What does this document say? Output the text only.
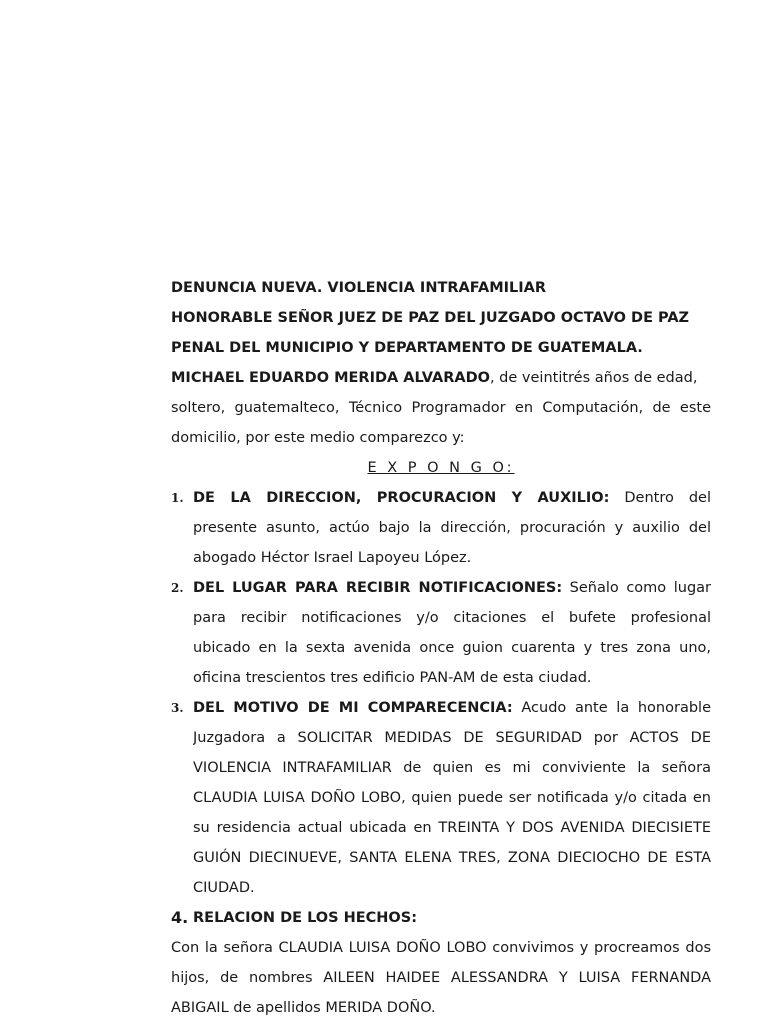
DENUNCIA NUEVA. VIOLENCIA INTRAFAMILIAR
HONORABLE SEÑOR JUEZ DE PAZ DEL JUZGADO OCTAVO DE PAZ
PENAL DEL MUNICIPIO Y DEPARTAMENTO DE GUATEMALA.
MICHAEL EDUARDO MERIDA ALVARADO, de veintitrés años de edad,
soltero, guatemalteco, Técnico Programador en Computación, de este
domicilio, por este medio comparezco y:
E X P O N G O:
1. DE LA DIRECCION, PROCURACION Y AUXILIO: Dentro del
presente asunto, actúo bajo la dirección, procuración y auxilio del
abogado Héctor Israel Lapoyeu López.
2. DEL LUGAR PARA RECIBIR NOTIFICACIONES: Señalo como lugar
para recibir notificaciones y/o citaciones el bufete profesional
ubicado en la sexta avenida once guion cuarenta y tres zona uno,
oficina trescientos tres edificio PAN-AM de esta ciudad.
3. DEL MOTIVO DE MI COMPARECENCIA: Acudo ante la honorable
Juzgadora a SOLICITAR MEDIDAS DE SEGURIDAD por ACTOS DE
VIOLENCIA INTRAFAMILIAR de quien es mi conviviente la señora
CLAUDIA LUISA DOÑO LOBO, quien puede ser notificada y/o citada en
su residencia actual ubicada en TREINTA Y DOS AVENIDA DIECISIETE
GUIÓN DIECINUEVE, SANTA ELENA TRES, ZONA DIECIOCHO DE ESTA
CIUDAD.
4. RELACION DE LOS HECHOS:
Con la señora CLAUDIA LUISA DOÑO LOBO convivimos y procreamos dos
hijos, de nombres AILEEN HAIDEE ALESSANDRA Y LUISA FERNANDA
ABIGAIL de apellidos MERIDA DOÑO.
